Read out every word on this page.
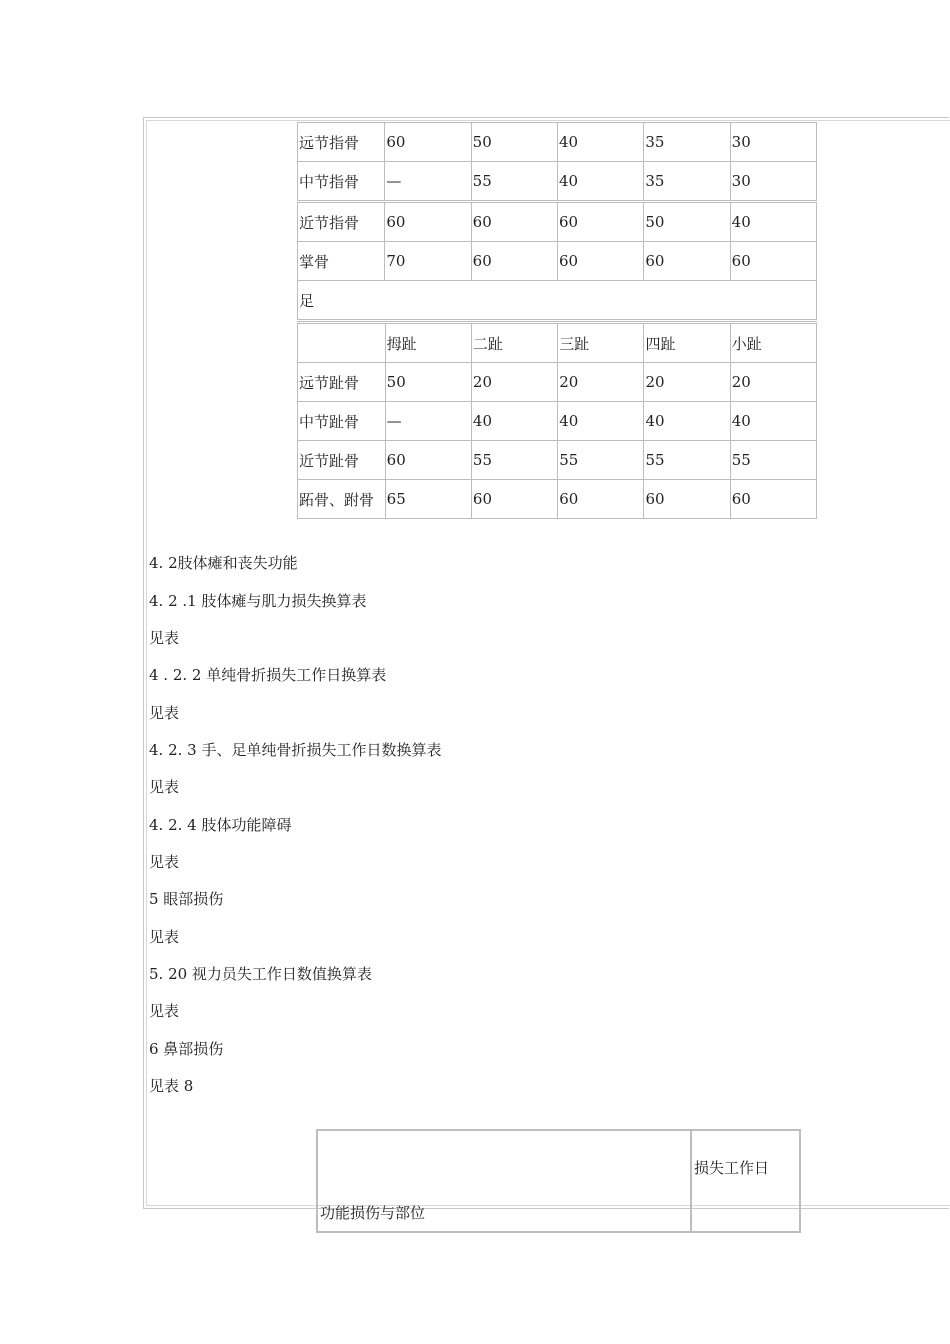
远节指骨	60	50	40	35	30
中节指骨	—	55	40	35	30
近节指骨	60	60	60	50	40
掌骨	70	60	60	60	60
足					
	拇趾	二趾	三趾	四趾	小趾
远节趾骨	50	20	20	20	20
中节趾骨	—	40	40	40	40
近节趾骨	60	55	55	55	55
跖骨、跗骨	65	60	60	60	60
4. 2肢体瘫和丧失功能
4. 2 .1 肢体瘫与肌力损失换算表
见表
4 . 2. 2 单纯骨折损失工作日换算表
见表
4. 2. 3 手、足单纯骨折损失工作日数换算表
见表
4. 2. 4 肢体功能障碍
见表
5 眼部损伤
见表
5. 20 视力员失工作日数值换算表
见表
6 鼻部损伤
见表 8
功能损伤与部位	损失工作日
